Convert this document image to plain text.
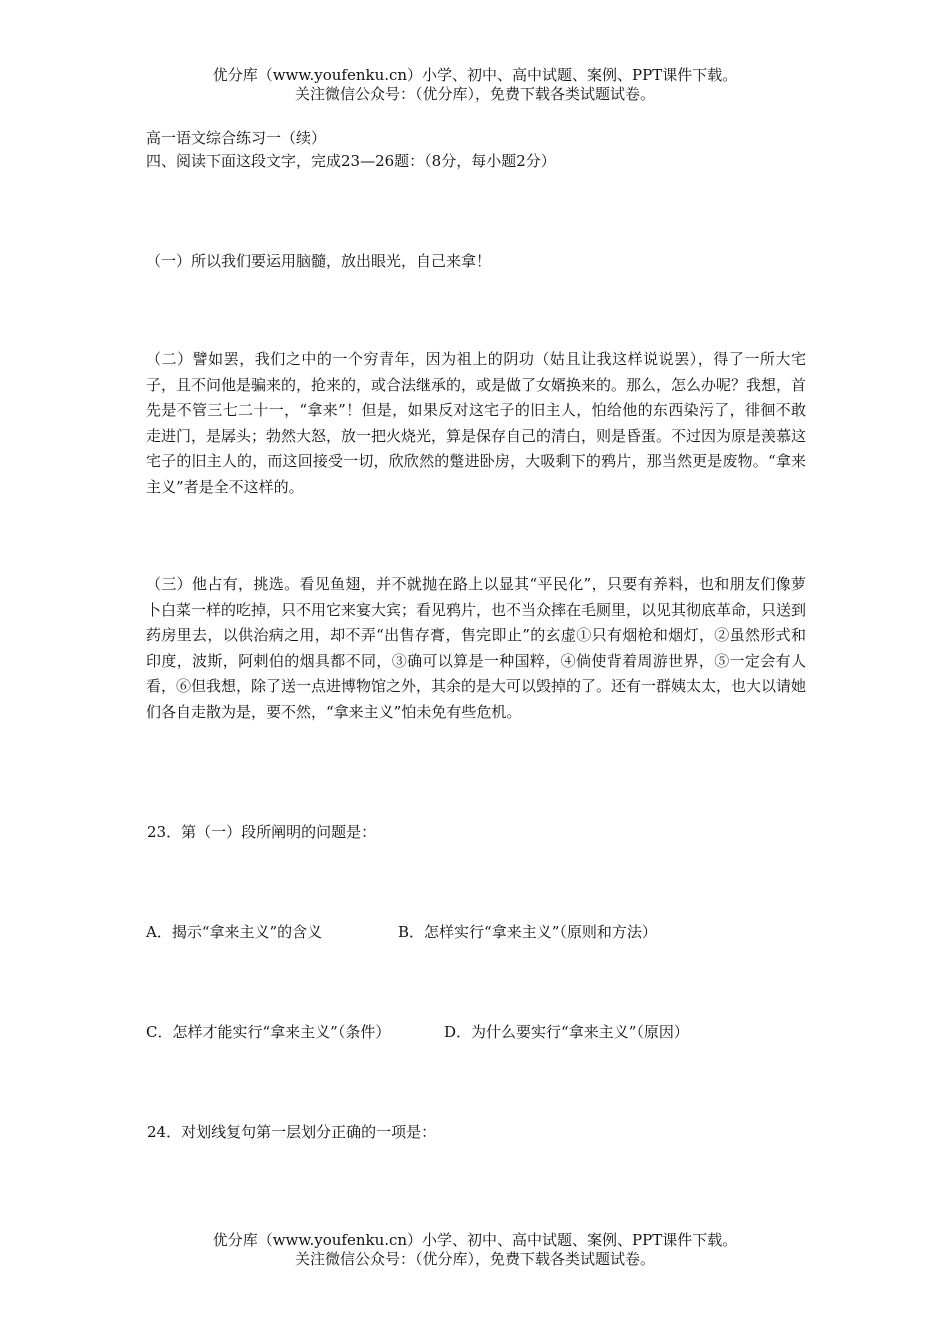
优分库（www.youfenku.cn）小学、初中、高中试题、案例、PPT课件下载。
关注微信公众号：（优分库），免费下载各类试题试卷。
高一语文综合练习一（续）
四、阅读下面这段文字，完成23—26题：（8分，每小题2分）

（一）所以我们要运用脑髓，放出眼光，自己来拿！

（二）譬如罢，我们之中的一个穷青年，因为祖上的阴功（姑且让我这样说说罢），得了一所大宅子，且不问他是骗来的，抢来的，或合法继承的，或是做了女婿换来的。那么，怎么办呢？我想，首先是不管三七二十一，“拿来”！但是，如果反对这宅子的旧主人，怕给他的东西染污了，徘徊不敢走进门，是孱头；勃然大怒，放一把火烧光，算是保存自己的清白，则是昏蛋。不过因为原是羡慕这宅子的旧主人的，而这回接受一切，欣欣然的蹩进卧房，大吸剩下的鸦片，那当然更是废物。“拿来主义”者是全不这样的。

（三）他占有，挑选。看见鱼翅，并不就抛在路上以显其“平民化”，只要有养料，也和朋友们像萝卜白菜一样的吃掉，只不用它来宴大宾；看见鸦片，也不当众摔在毛厕里，以见其彻底革命，只送到药房里去，以供治病之用，却不弄“出售存膏，售完即止”的玄虚①只有烟枪和烟灯，②虽然形式和印度，波斯，阿剌伯的烟具都不同，③确可以算是一种国粹，④倘使背着周游世界，⑤一定会有人看，⑥但我想，除了送一点进博物馆之外，其余的是大可以毁掉的了。还有一群姨太太，也大以请她们各自走散为是，要不然，“拿来主义”怕未免有些危机。

23．第（一）段所阐明的问题是：
A．揭示“拿来主义”的含义	B．怎样实行“拿来主义”（原则和方法）
C．怎样才能实行“拿来主义”（条件）	D．为什么要实行“拿来主义”（原因）
24．对划线复句第一层划分正确的一项是：
优分库（www.youfenku.cn）小学、初中、高中试题、案例、PPT课件下载。
关注微信公众号：（优分库），免费下载各类试题试卷。
